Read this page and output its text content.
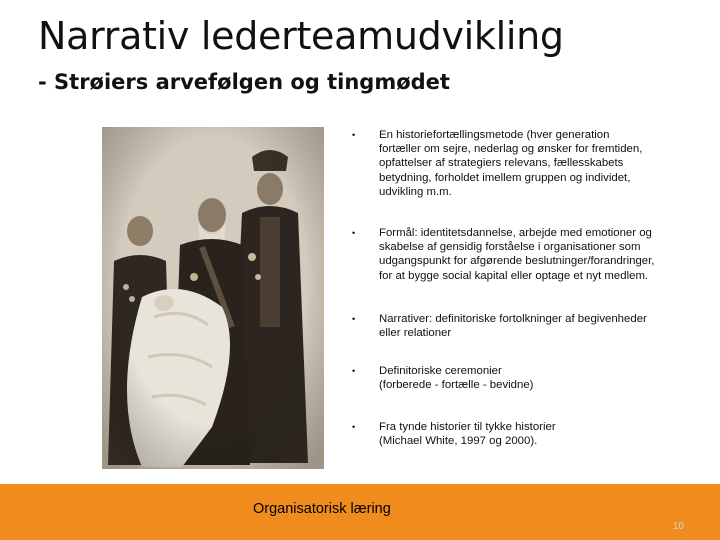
Narrativ lederteamudvikling
- Strøiers arvefølgen og tingmødet
• En historiefortællingsmetode (hver generation
fortæller om sejre, nederlag og ønsker for fremtiden,
opfattelser af strategiers relevans, fællesskabets
betydning, forholdet imellem gruppen og individet,
udvikling m.m.
• Formål: identitetsdannelse, arbejde med emotioner og
skabelse af gensidig forståelse i organisationer som
udgangspunkt for afgørende beslutninger/forandringer,
for at bygge social kapital eller optage et nyt medlem.
• Narrativer: definitoriske fortolkninger af begivenheder
eller relationer
• Definitoriske ceremonier
(forberede - fortælle - bevidne)
• Fra tynde historier til tykke historier
(Michael White, 1997 og 2000).
Organisatorisk læring
10
